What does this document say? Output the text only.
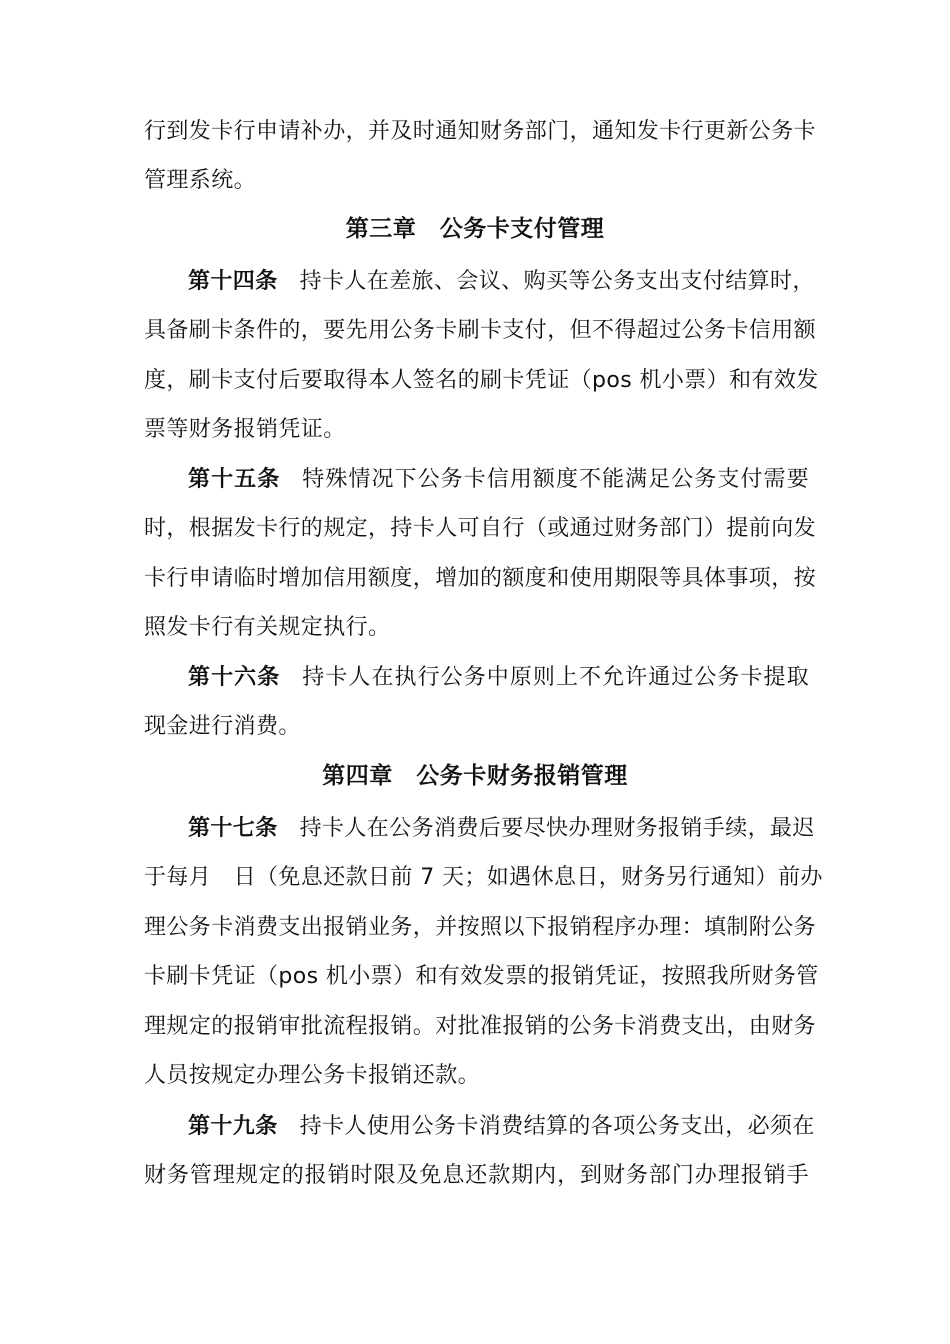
行到发卡行申请补办，并及时通知财务部门，通知发卡行更新公务卡
管理系统。
第三章　公务卡支付管理
第十四条 持卡人在差旅、会议、购买等公务支出支付结算时，
具备刷卡条件的，要先用公务卡刷卡支付，但不得超过公务卡信用额
度，刷卡支付后要取得本人签名的刷卡凭证（pos 机小票）和有效发
票等财务报销凭证。
第十五条 特殊情况下公务卡信用额度不能满足公务支付需要
时，根据发卡行的规定，持卡人可自行（或通过财务部门）提前向发
卡行申请临时增加信用额度，增加的额度和使用期限等具体事项，按
照发卡行有关规定执行。
第十六条 持卡人在执行公务中原则上不允许通过公务卡提取
现金进行消费。
第四章　公务卡财务报销管理
第十七条 持卡人在公务消费后要尽快办理财务报销手续，最迟
于每月　日（免息还款日前 7 天；如遇休息日，财务另行通知）前办
理公务卡消费支出报销业务，并按照以下报销程序办理：填制附公务
卡刷卡凭证（pos 机小票）和有效发票的报销凭证，按照我所财务管
理规定的报销审批流程报销。对批准报销的公务卡消费支出，由财务
人员按规定办理公务卡报销还款。
第十九条 持卡人使用公务卡消费结算的各项公务支出，必须在
财务管理规定的报销时限及免息还款期内，到财务部门办理报销手
